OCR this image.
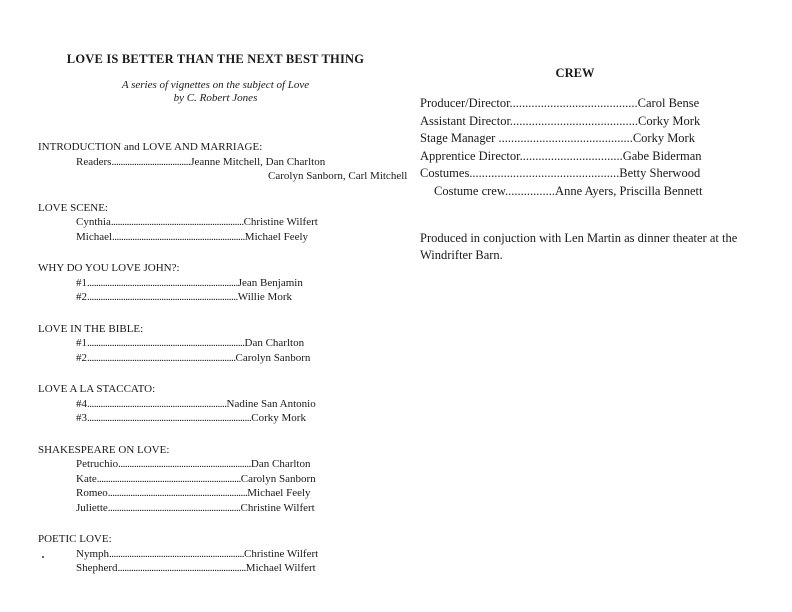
LOVE IS BETTER THAN THE NEXT BEST THING
A series of vignettes on the subject of Love
by C. Robert Jones
INTRODUCTION and LOVE AND MARRIAGE:
Readers ................................... Jeanne Mitchell, Dan Charlton
Carolyn Sanborn, Carl Mitchell
LOVE SCENE:
Cynthia ........................................................... Christine Wilfert
Michael ........................................................... Michael Feely
WHY DO YOU LOVE JOHN?:
#1 ................................................................... Jean Benjamin
#2 ................................................................... Willie Mork
LOVE IN THE BIBLE:
#1 ...................................................................... Dan Charlton
#2 .................................................................. Carolyn Sanborn
LOVE A LA STACCATO:
#4 .............................................................. Nadine San Antonio
#3 ......................................................................... Corky Mork
SHAKESPEARE ON LOVE:
Petruchio ........................................................... Dan Charlton
Kate ................................................................ Carolyn Sanborn
Romeo .............................................................. Michael Feely
Juliette ........................................................... Christine Wilfert
POETIC LOVE:
Nymph ............................................................ Christine Wilfert
Shepherd ......................................................... Michael Wilfert
CREW
Producer/Director.........................................Carol Bense
Assistant Director.........................................Corky Mork
Stage Manager ...........................................Corky Mork
Apprentice Director.................................Gabe Biderman
Costumes................................................Betty Sherwood
Costume crew................Anne Ayers, Priscilla Bennett
Produced in conjuction with Len Martin as dinner theater at the Windrifter Barn.
